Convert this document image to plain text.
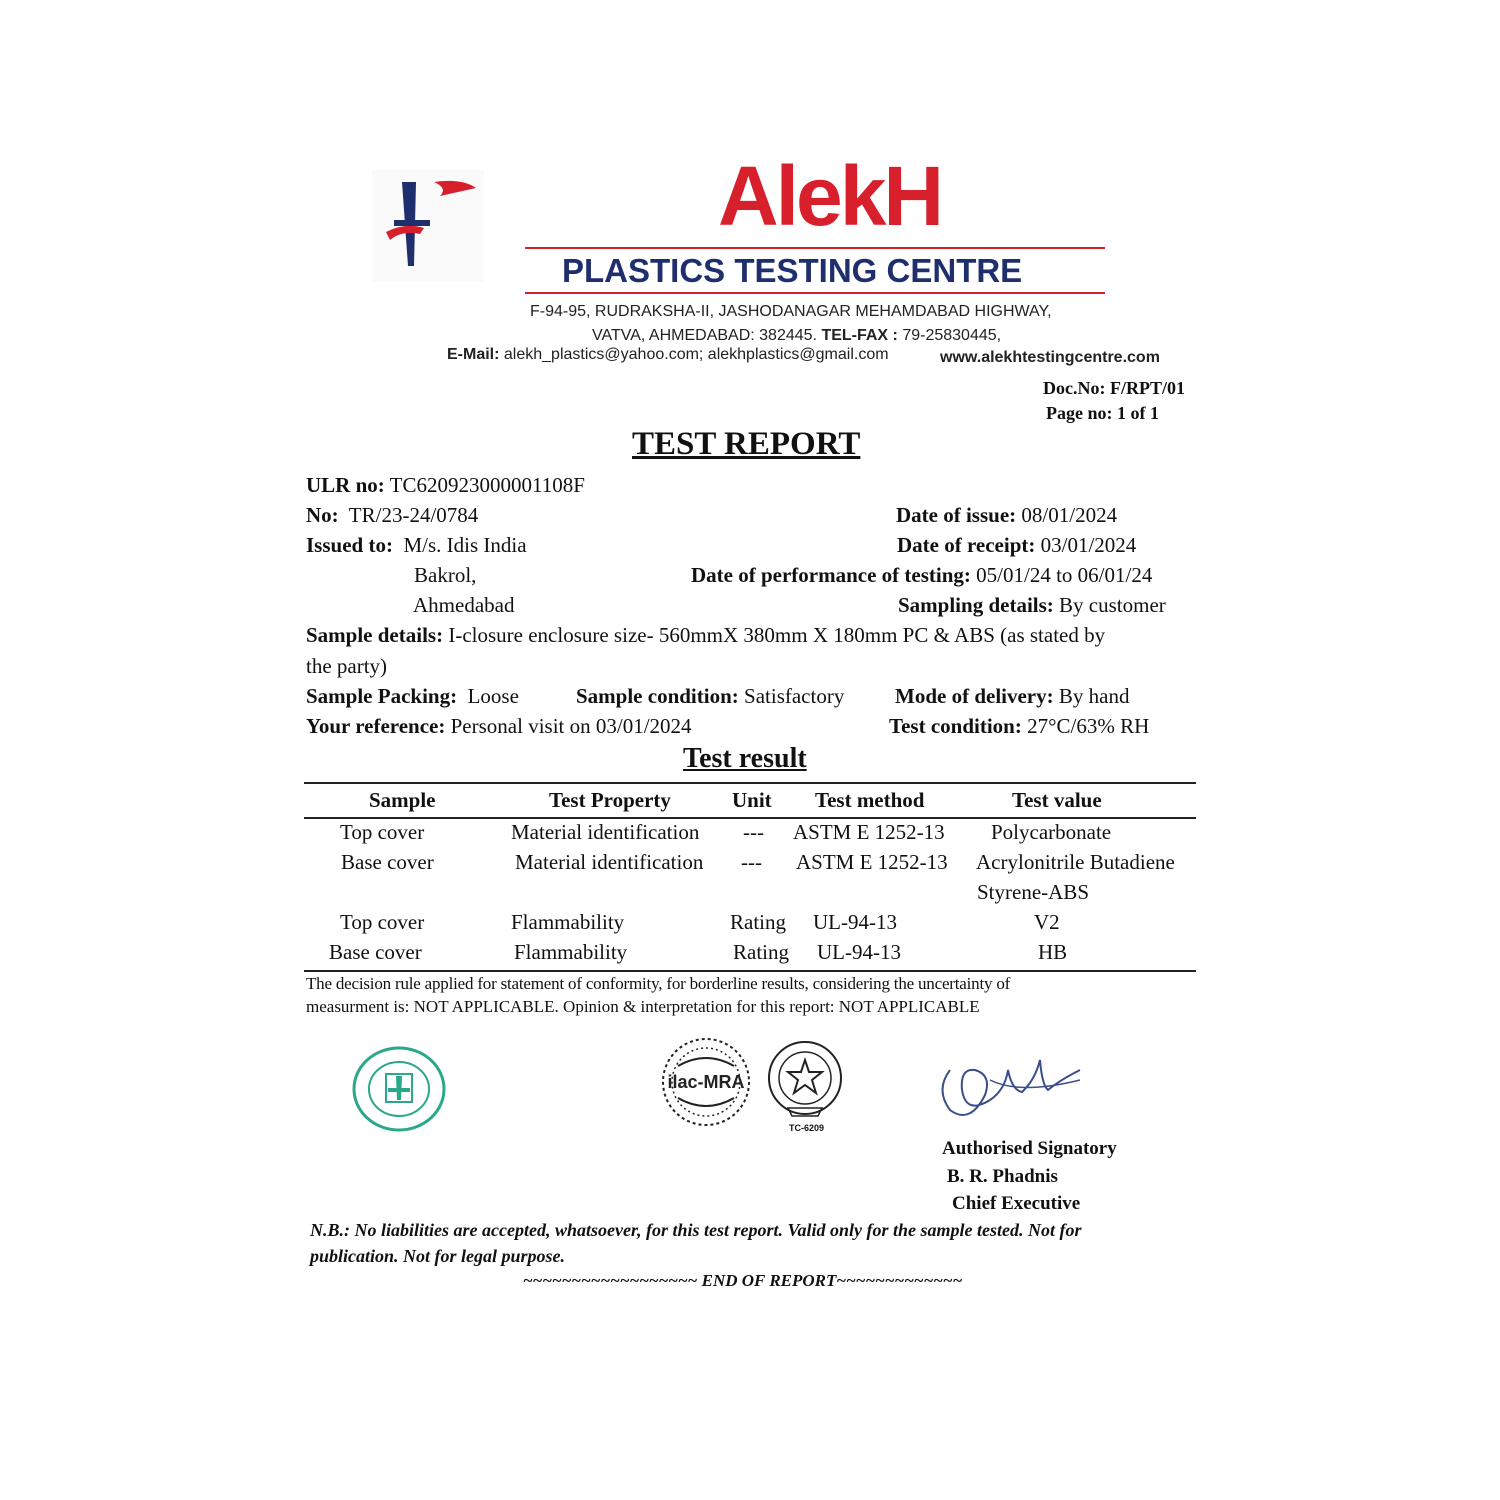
AlekH
PLASTICS TESTING CENTRE
F-94-95, RUDRAKSHA-II, JASHODANAGAR MEHAMDABAD HIGHWAY,
VATVA, AHMEDABAD: 382445. TEL-FAX : 79-25830445,
E-Mail: alekh_plastics@yahoo.com; alekhplastics@gmail.com	www.alekhtestingcentre.com
Doc.No: F/RPT/01
Page no: 1 of 1
TEST REPORT
ULR no: TC620923000001108F
No: TR/23-24/0784	Date of issue: 08/01/2024
Issued to: M/s. Idis India	Date of receipt: 03/01/2024
Bakrol,	Date of performance of testing: 05/01/24 to 06/01/24
Ahmedabad	Sampling details: By customer
Sample details: I-closure enclosure size- 560mmX 380mm X 180mm PC & ABS (as stated by
the party)
Sample Packing: Loose	Sample condition: Satisfactory Mode of delivery: By hand
Your reference: Personal visit on 03/01/2024	Test condition: 27°C/63% RH
Test result
Sample	Test Property	Unit Test method	Test value
Top cover	Material identification --- ASTM E 1252-13 Polycarbonate
Base cover	Material identification --- ASTM E 1252-13 Acrylonitrile Butadiene
Styrene-ABS
Top cover	Flammability	Rating UL-94-13	V2
Base cover	Flammability	Rating UL-94-13	HB
The decision rule applied for statement of conformity, for borderline results, considering the uncertainty of
measurment is: NOT APPLICABLE. Opinion & interpretation for this report: NOT APPLICABLE
ilac-MRA
TC-6209
Authorised Signatory
B. R. Phadnis
Chief Executive
N.B.: No liabilities are accepted, whatsoever, for this test report. Valid only for the sample tested. Not for
publication. Not for legal purpose.
~~~~~~~~~~~~~~~~~~ END OF REPORT~~~~~~~~~~~~~
